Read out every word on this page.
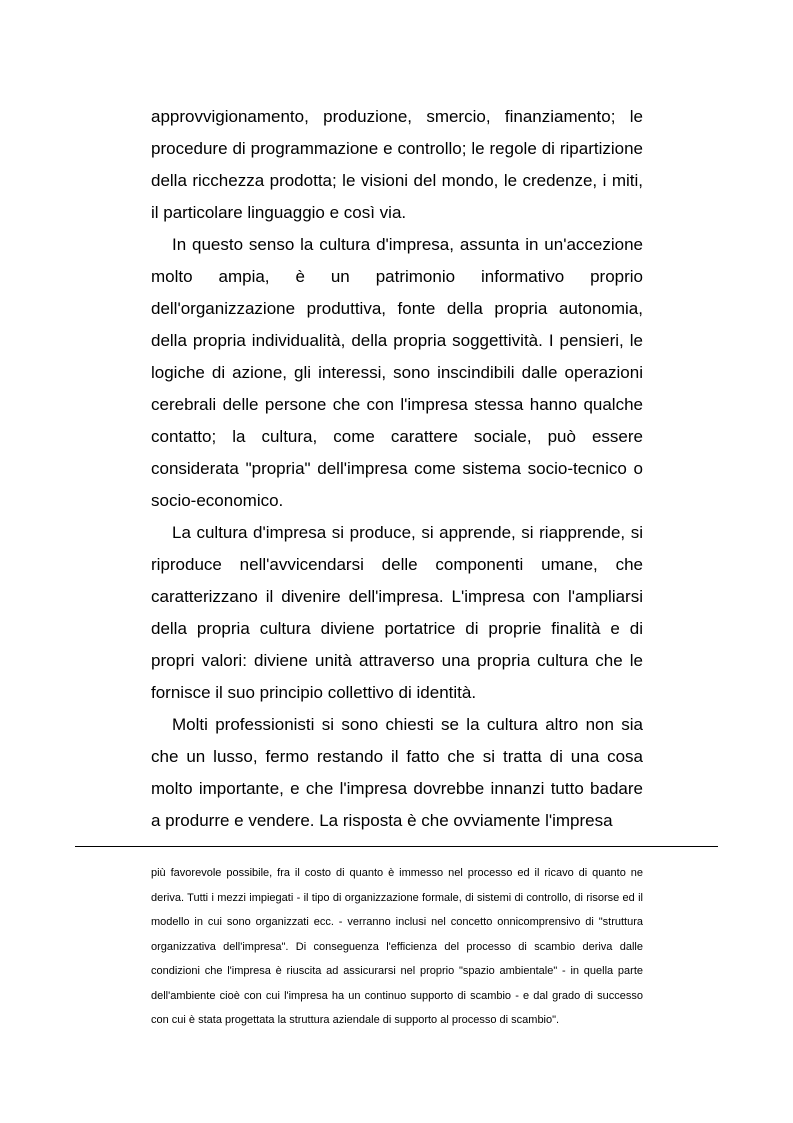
approvvigionamento, produzione, smercio, finanziamento; le procedure di programmazione e controllo; le regole di ripartizione della ricchezza prodotta; le visioni del mondo, le credenze, i miti, il particolare linguaggio e così via.

In questo senso la cultura d'impresa, assunta in un'accezione molto ampia, è un patrimonio informativo proprio dell'organizzazione produttiva, fonte della propria autonomia, della propria individualità, della propria soggettività. I pensieri, le logiche di azione, gli interessi, sono inscindibili dalle operazioni cerebrali delle persone che con l'impresa stessa hanno qualche contatto; la cultura, come carattere sociale, può essere considerata "propria" dell'impresa come sistema socio-tecnico o socio-economico.

La cultura d'impresa si produce, si apprende, si riapprende, si riproduce nell'avvicendarsi delle componenti umane, che caratterizzano il divenire dell'impresa. L'impresa con l'ampliarsi della propria cultura diviene portatrice di proprie finalità e di propri valori: diviene unità attraverso una propria cultura che le fornisce il suo principio collettivo di identità.

Molti professionisti si sono chiesti se la cultura altro non sia che un lusso, fermo restando il fatto che si tratta di una cosa molto importante, e che l'impresa dovrebbe innanzi tutto badare a produrre e vendere. La risposta è che ovviamente l'impresa

più favorevole possibile, fra il costo di quanto è immesso nel processo ed il ricavo di quanto ne deriva. Tutti i mezzi impiegati - il tipo di organizzazione formale, di sistemi di controllo, di risorse ed il modello in cui sono organizzati ecc. - verranno inclusi nel concetto onnicomprensivo di "struttura organizzativa dell'impresa". Di conseguenza l'efficienza del processo di scambio deriva dalle condizioni che l'impresa è riuscita ad assicurarsi nel proprio "spazio ambientale" - in quella parte dell'ambiente cioè con cui l'impresa ha un continuo supporto di scambio - e dal grado di successo con cui è stata progettata la struttura aziendale di supporto al processo di scambio".
